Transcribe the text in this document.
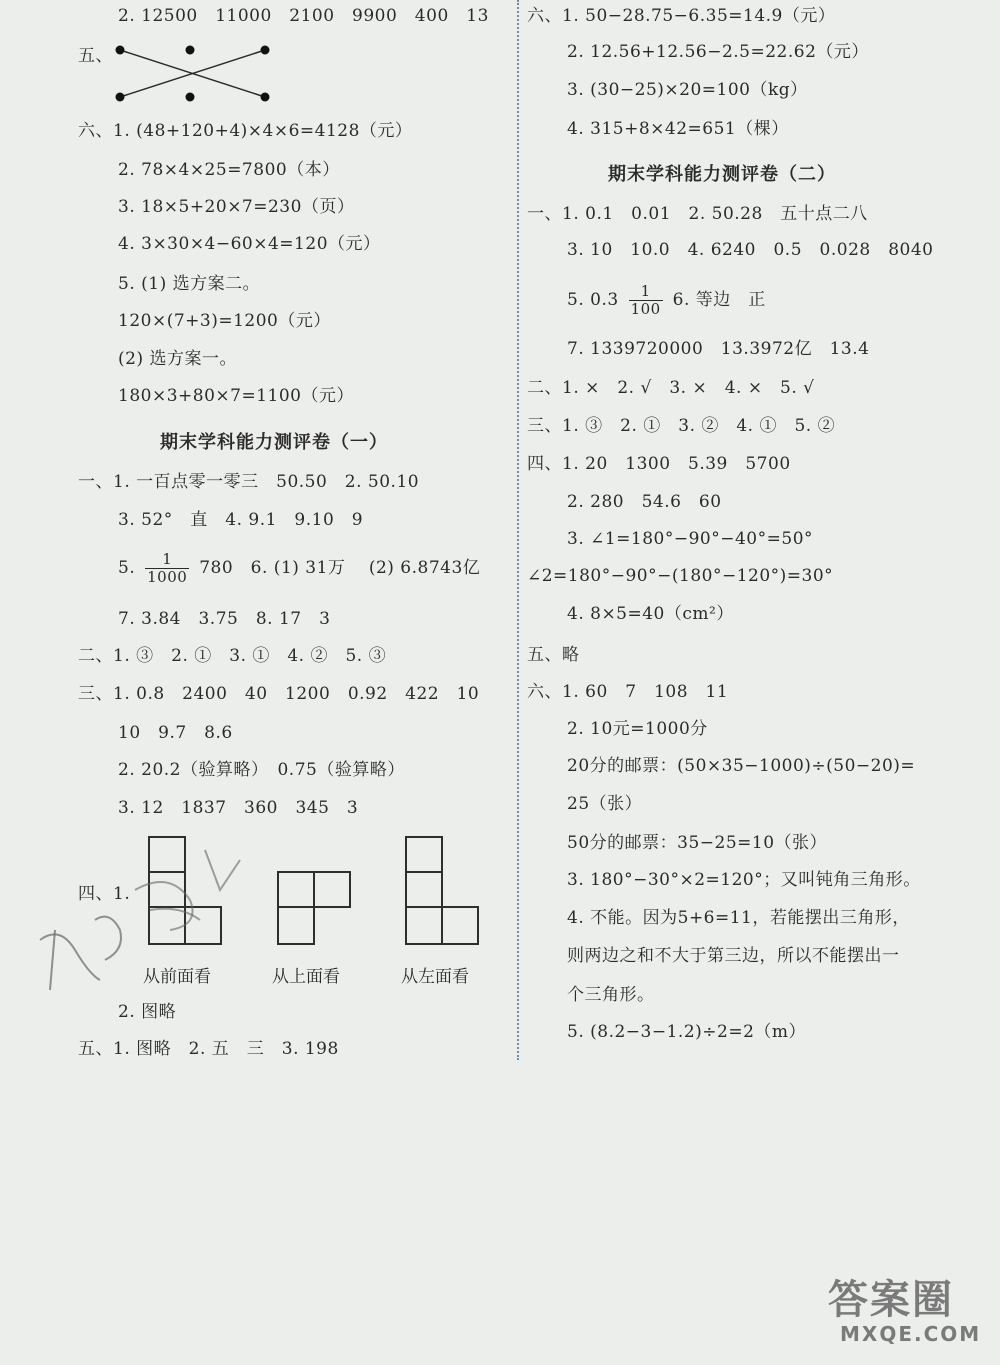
2. 12500　11000　2100　9900　400　13
五、
六、1. (48+120+4)×4×6=4128（元）
2. 78×4×25=7800（本）
3. 18×5+20×7=230（页）
4. 3×30×4−60×4=120（元）
5. (1) 选方案二。
120×(7+3)=1200（元）
(2) 选方案一。
180×3+80×7=1100（元）
期末学科能力测评卷（一）
一、1. 一百点零一零三　50.50　2. 50.10
3. 52°　直　4. 9.1　9.10　9
5. $\frac{1}{1000} 780$　6. (1) 31万　 (2) 6.8743亿
7. 3.84　3.75　8. 17　3
二、1. ③　2. ①　3. ①　4. ②　5. ③
三、1. 0.8　2400　40　1200　0.92　422　10
10　9.7　8.6
2. 20.2（验算略）　0.75（验算略）
3. 12　1837　360　345　3
四、1.
从前面看	从上面看	从左面看
2. 图略
五、1. 图略　2. 五　三　3. 198
六、1. 50−28.75−6.35=14.9（元）
2. 12.56+12.56−2.5=22.62（元）
3. (30−25)×20=100（kg）
4. 315+8×42=651（棵）
期末学科能力测评卷（二）
一、1. 0.1　0.01　2. 50.28　五十点二八
3. 10　10.0　4. 6240　0.5　0.028　8040
5. $0.3 \frac{1}{100} 6$. 等边　正
7. 1339720000　13.3972亿　13.4
二、1. ×　2. √　3. ×　4. ×　5. √
三、1. ③　2. ①　3. ②　4. ①　5. ②
四、1. 20　1300　5.39　5700
2. 280　54.6　60
3. ∠1=180°−90°−40°=50°
∠2=180°−90°−(180°−120°)=30°
4. 8×5=40（cm²）
五、略
六、1. 60　7　108　11
2. 10元=1000分
20分的邮票：(50×35−1000)÷(50−20)=
25（张）
50分的邮票：35−25=10（张）
3. 180°−30°×2=120°；又叫钝角三角形。
4. 不能。因为5+6=11，若能摆出三角形，
则两边之和不大于第三边，所以不能摆出一
个三角形。
5. (8.2−3−1.2)÷2=2（m）
答案圈
MXQE.COM
